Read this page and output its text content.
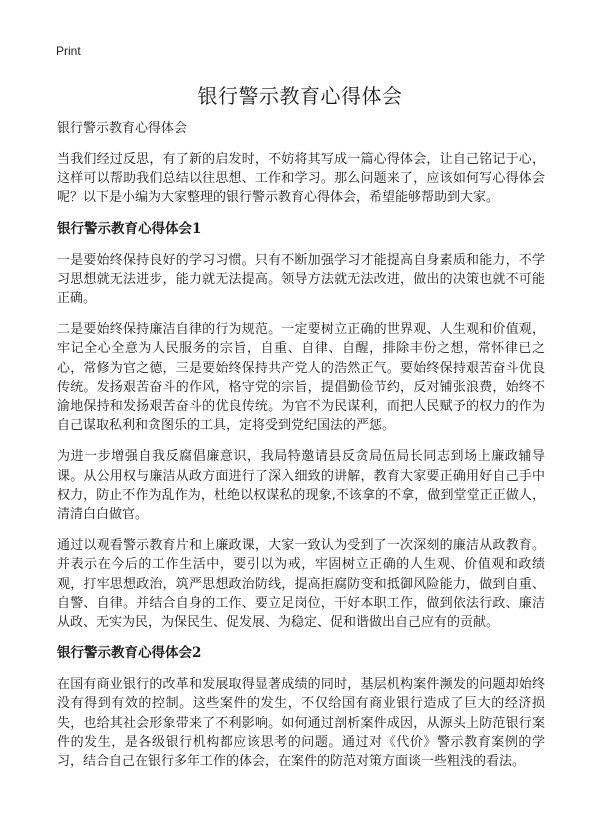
Print
银行警示教育心得体会
银行警示教育心得体会

当我们经过反思，有了新的启发时，不妨将其写成一篇心得体会，让自己铭记于心，这样可以帮助我们总结以往思想、工作和学习。那么问题来了，应该如何写心得体会呢？以下是小编为大家整理的银行警示教育心得体会，希望能够帮助到大家。

银行警示教育心得体会1

一是要始终保持良好的学习习惯。只有不断加强学习才能提高自身素质和能力，不学习思想就无法进步，能力就无法提高。领导方法就无法改进，做出的决策也就不可能正确。

二是要始终保持廉洁自律的行为规范。一定要树立正确的世界观、人生观和价值观，牢记全心全意为人民服务的宗旨，自重、自律、自醒，排除丰份之想，常怀律已之心，常修为官之德，三是要始终保持共产党人的浩然正气。要始终保持艰苦奋斗优良传统。发扬艰苦奋斗的作风，格守党的宗旨，提倡勤俭节约，反对铺张浪费，始终不渝地保持和发扬艰苦奋斗的优良传统。为官不为民谋利，而把人民赋予的权力的作为自己谋取私利和贪图乐的工具，定将受到党纪国法的严惩。

为进一步增强自我反腐倡廉意识，我局特邀请县反贪局伍局长同志到场上廉政辅导课。从公用权与廉洁从政方面进行了深入细致的讲解，教育大家要正确用好自己手中权力，防止不作为乱作为，杜绝以权谋私的现象,不该拿的不拿，做到堂堂正正做人，清清白白做官。

通过以观看警示教育片和上廉政课，大家一致认为受到了一次深刻的廉洁从政教育。并表示在今后的工作生活中，要引以为戒，牢固树立正确的人生观、价值观和政绩观，打牢思想政治，筑严思想政治防线，提高拒腐防变和抵御风险能力，做到自重、自警、自律。并结合自身的工作、要立足岗位，干好本职工作，做到依法行政、廉洁从政、无实为民，为保民生、促发展、为稳定、促和谐做出自己应有的贡献。

银行警示教育心得体会2

在国有商业银行的改革和发展取得显著成绩的同时，基层机构案件濒发的问题却始终没有得到有效的控制。这些案件的发生，不仅给国有商业银行造成了巨大的经济损失，也给其社会形象带来了不利影响。如何通过剖析案件成因，从源头上防范银行案件的发生，是各级银行机构都应该思考的问题。通过对《代价》警示教育案例的学习，结合自己在银行多年工作的体会，在案件的防范对策方面谈一些粗浅的看法。
